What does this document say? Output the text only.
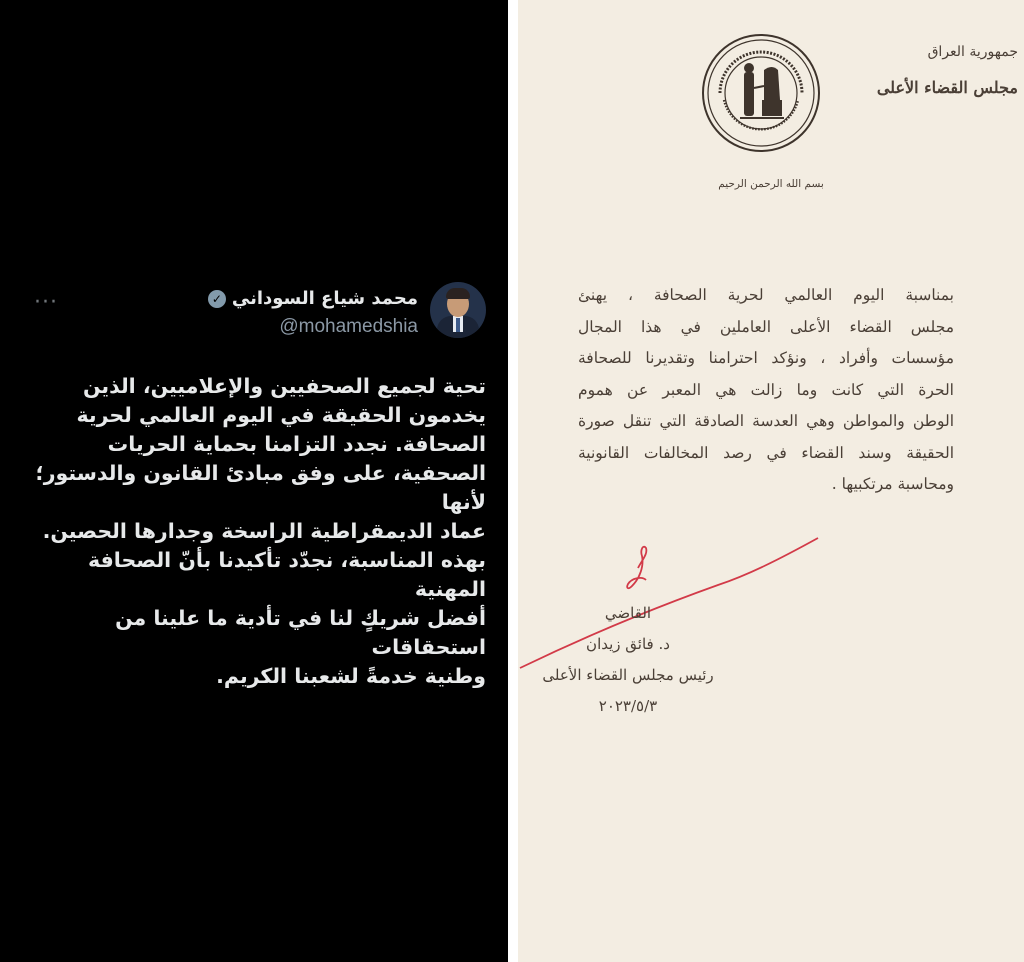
✓ محمد شياع السوداني
@mohamedshia
···
تحية لجميع الصحفيين والإعلاميين، الذين
يخدمون الحقيقة في اليوم العالمي لحرية
الصحافة. نجدد التزامنا بحماية الحريات
الصحفية، على وفق مبادئ القانون والدستور؛ لأنها
عماد الديمقراطية الراسخة وجدارها الحصين.
بهذه المناسبة، نجدّد تأكيدنا بأنّ الصحافة المهنية
أفضل شريكٍ لنا في تأدية ما علينا من استحقاقات
وطنية خدمةً لشعبنا الكريم.
جمهورية العراق
مجلس القضاء الأعلى
بسم الله الرحمن الرحيم
بمناسبة اليوم العالمي لحرية الصحافة ، يهنئ
مجلس القضاء الأعلى العاملين في هذا المجال
مؤسسات وأفراد ، ونؤكد احترامنا وتقديرنا للصحافة
الحرة التي كانت وما زالت هي المعبر عن هموم
الوطن والمواطن وهي العدسة الصادقة التي تنقل صورة
الحقيقة وسند القضاء في رصد المخالفات القانونية
ومحاسبة مرتكبيها .
القاضي
د. فائق زيدان
رئيس مجلس القضاء الأعلى
٢٠٢٣/٥/٣
